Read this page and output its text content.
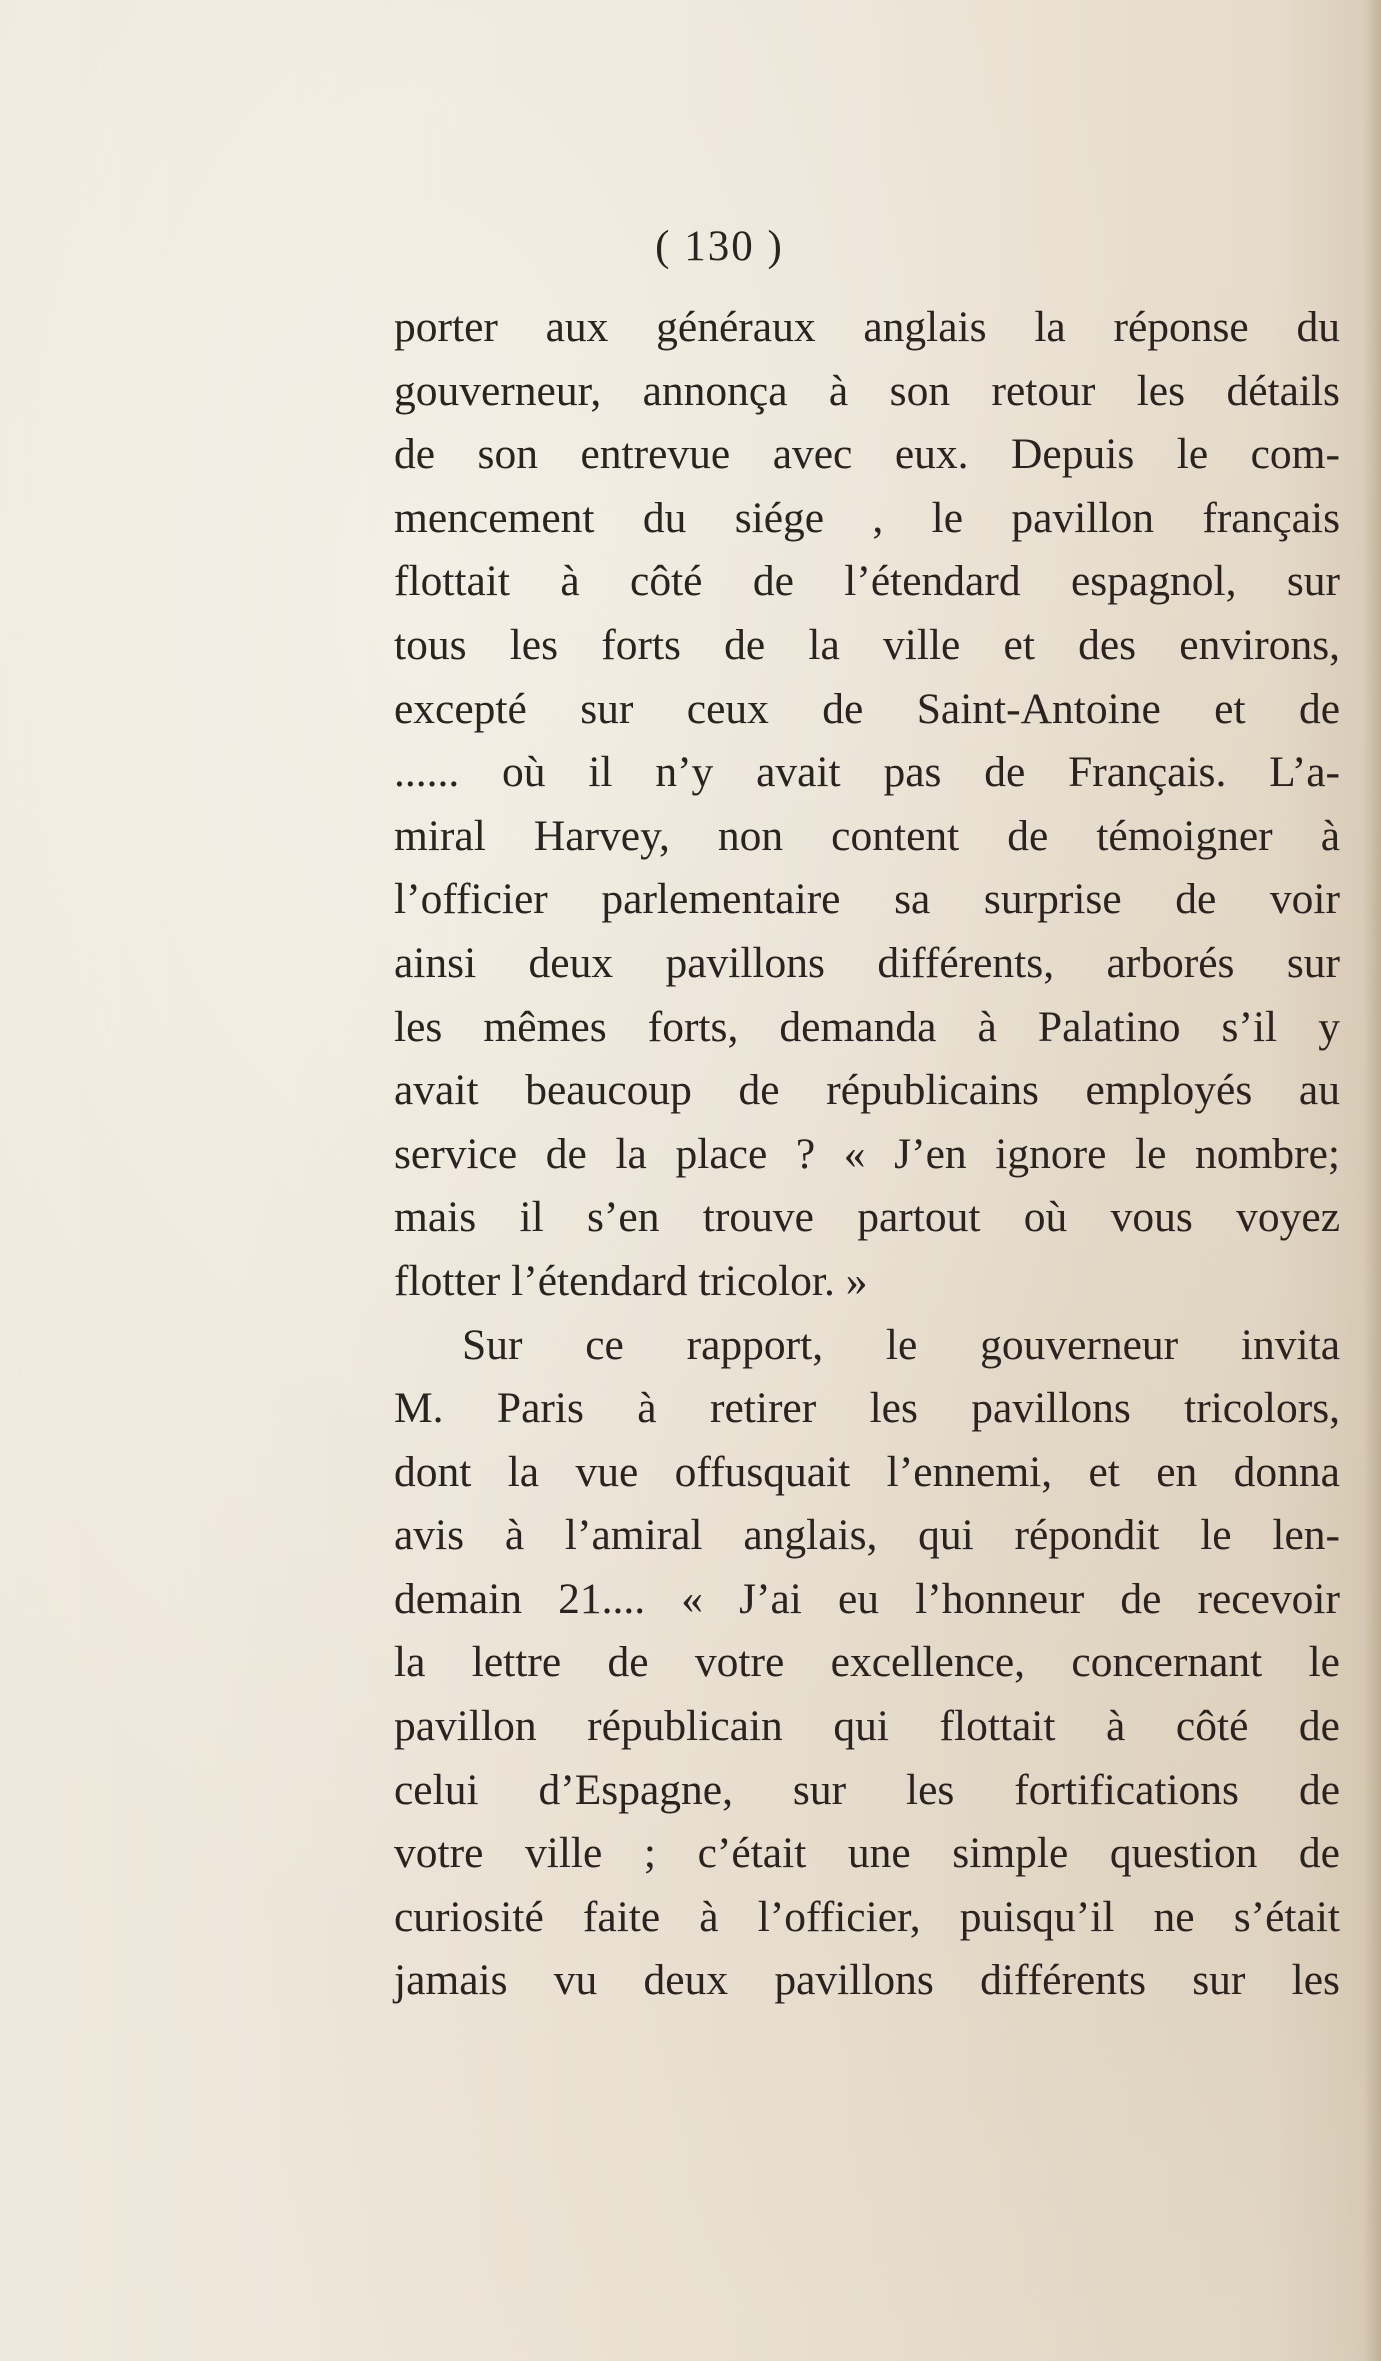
( 130 )
porter aux généraux anglais la réponse du
gouverneur, annonça à son retour les détails
de son entrevue avec eux. Depuis le com-
mencement du siége , le pavillon français
flottait à côté de l’étendard espagnol, sur
tous les forts de la ville et des environs,
excepté sur ceux de Saint-Antoine et de
...... où il n’y avait pas de Français. L’a-
miral Harvey, non content de témoigner à
l’officier parlementaire sa surprise de voir
ainsi deux pavillons différents, arborés sur
les mêmes forts, demanda à Palatino s’il y
avait beaucoup de républicains employés au
service de la place ? « J’en ignore le nombre;
mais il s’en trouve partout où vous voyez
flotter l’étendard tricolor. »
Sur ce rapport, le gouverneur invita
M. Paris à retirer les pavillons tricolors,
dont la vue offusquait l’ennemi, et en donna
avis à l’amiral anglais, qui répondit le len-
demain 21.... « J’ai eu l’honneur de recevoir
la lettre de votre excellence, concernant le
pavillon républicain qui flottait à côté de
celui d’Espagne, sur les fortifications de
votre ville ; c’était une simple question de
curiosité faite à l’officier, puisqu’il ne s’était
jamais vu deux pavillons différents sur les
